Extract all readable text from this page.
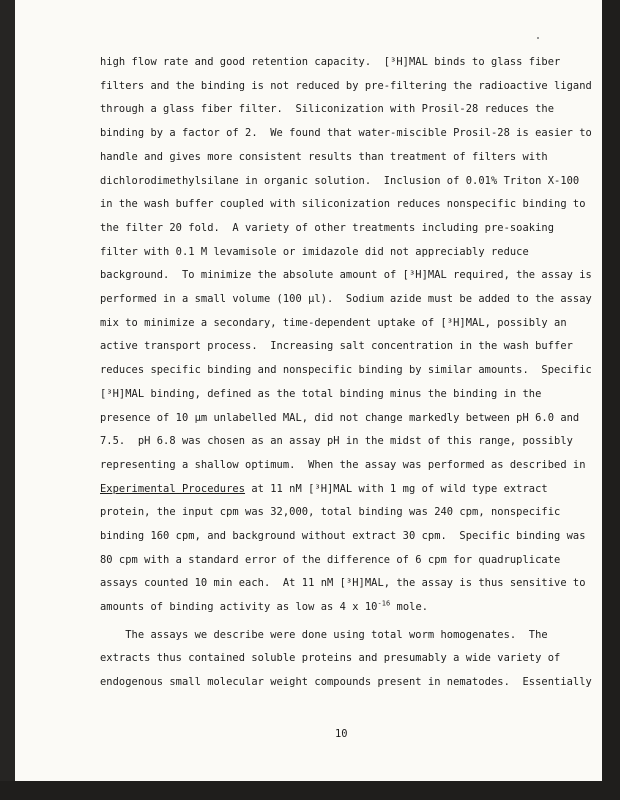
high flow rate and good retention capacity.  [³H]MAL binds to glass fiber
filters and the binding is not reduced by pre-filtering the radioactive ligand
through a glass fiber filter.  Siliconization with Prosil-28 reduces the
binding by a factor of 2.  We found that water-miscible Prosil-28 is easier to
handle and gives more consistent results than treatment of filters with
dichlorodimethylsilane in organic solution.  Inclusion of 0.01% Triton X-100
in the wash buffer coupled with siliconization reduces nonspecific binding to
the filter 20 fold.  A variety of other treatments including pre-soaking
filter with 0.1 M levamisole or imidazole did not appreciably reduce
background.  To minimize the absolute amount of [³H]MAL required, the assay is
performed in a small volume (100 µl).  Sodium azide must be added to the assay
mix to minimize a secondary, time-dependent uptake of [³H]MAL, possibly an
active transport process.  Increasing salt concentration in the wash buffer
reduces specific binding and nonspecific binding by similar amounts.  Specific
[³H]MAL binding, defined as the total binding minus the binding in the
presence of 10 µm unlabelled MAL, did not change markedly between pH 6.0 and
7.5.  pH 6.8 was chosen as an assay pH in the midst of this range, possibly
representing a shallow optimum.  When the assay was performed as described in
Experimental Procedures at 11 nM [³H]MAL with 1 mg of wild type extract
protein, the input cpm was 32,000, total binding was 240 cpm, nonspecific
binding 160 cpm, and background without extract 30 cpm.  Specific binding was
80 cpm with a standard error of the difference of 6 cpm for quadruplicate
assays counted 10 min each.  At 11 nM [³H]MAL, the assay is thus sensitive to
amounts of binding activity as low as 4 x $10^{-16}$ mole.
The assays we describe were done using total worm homogenates.  The
extracts thus contained soluble proteins and presumably a wide variety of
endogenous small molecular weight compounds present in nematodes.  Essentially
10
